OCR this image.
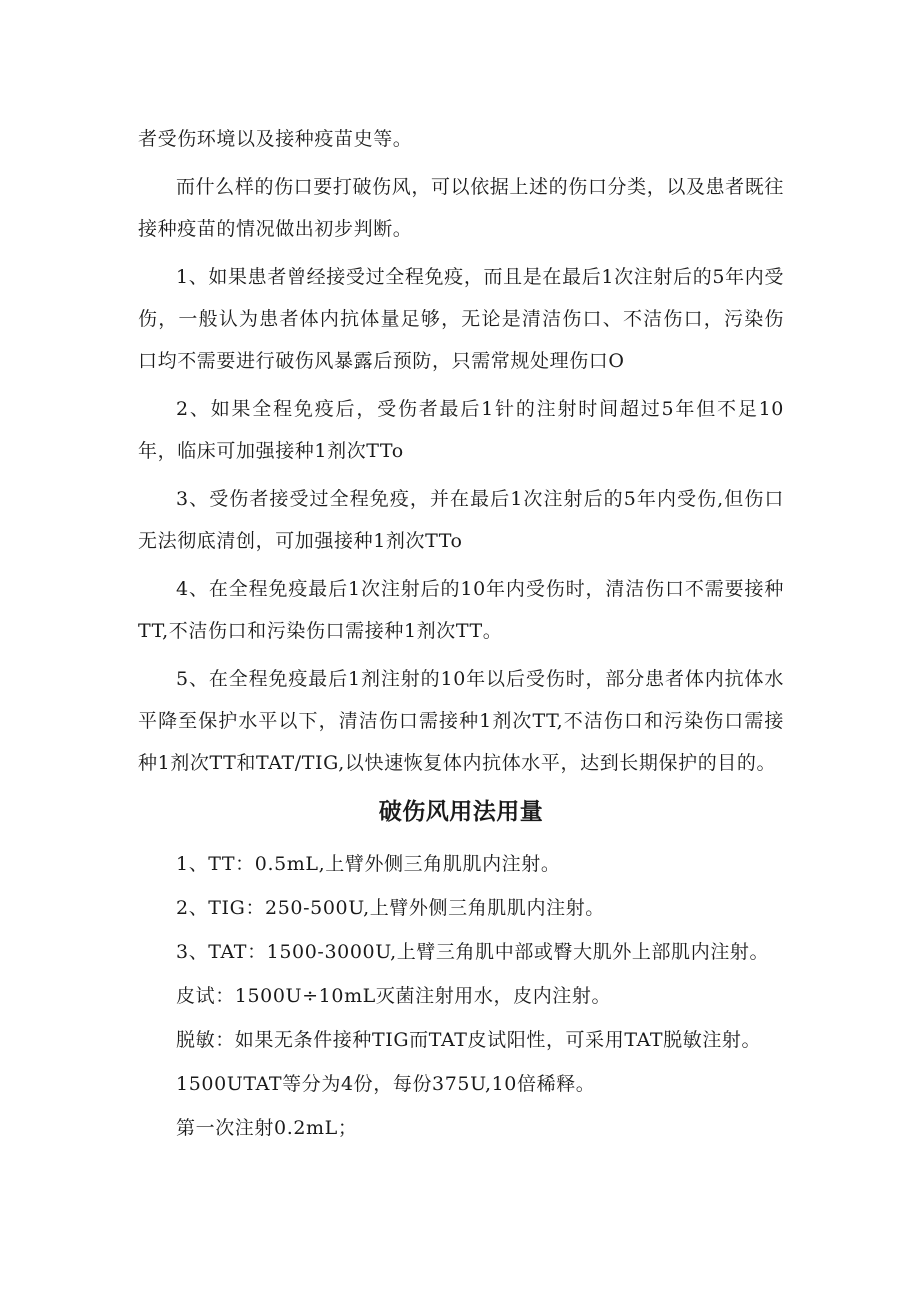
者受伤环境以及接种疫苗史等。

而什么样的伤口要打破伤风，可以依据上述的伤口分类，以及患者既往接种疫苗的情况做出初步判断。

1、如果患者曾经接受过全程免疫，而且是在最后1次注射后的5年内受伤，一般认为患者体内抗体量足够，无论是清洁伤口、不洁伤口，污染伤口均不需要进行破伤风暴露后预防，只需常规处理伤口O

2、如果全程免疫后，受伤者最后1针的注射时间超过5年但不足10年，临床可加强接种1剂次TTo

3、受伤者接受过全程免疫，并在最后1次注射后的5年内受伤,但伤口无法彻底清创，可加强接种1剂次TTo

4、在全程免疫最后1次注射后的10年内受伤时，清洁伤口不需要接种TT,不洁伤口和污染伤口需接种1剂次TT。

5、在全程免疫最后1剂注射的10年以后受伤时，部分患者体内抗体水平降至保护水平以下，清洁伤口需接种1剂次TT,不洁伤口和污染伤口需接种1剂次TT和TAT/TIG,以快速恢复体内抗体水平，达到长期保护的目的。

破伤风用法用量

1、TT：0.5mL,上臂外侧三角肌肌内注射。

2、TIG：250-500U,上臂外侧三角肌肌内注射。

3、TAT：1500-3000U,上臂三角肌中部或臀大肌外上部肌内注射。

皮试：1500U÷10mL灭菌注射用水，皮内注射。

脱敏：如果无条件接种TIG而TAT皮试阳性，可采用TAT脱敏注射。

1500UTAT等分为4份，每份375U,10倍稀释。

第一次注射0.2mL；
